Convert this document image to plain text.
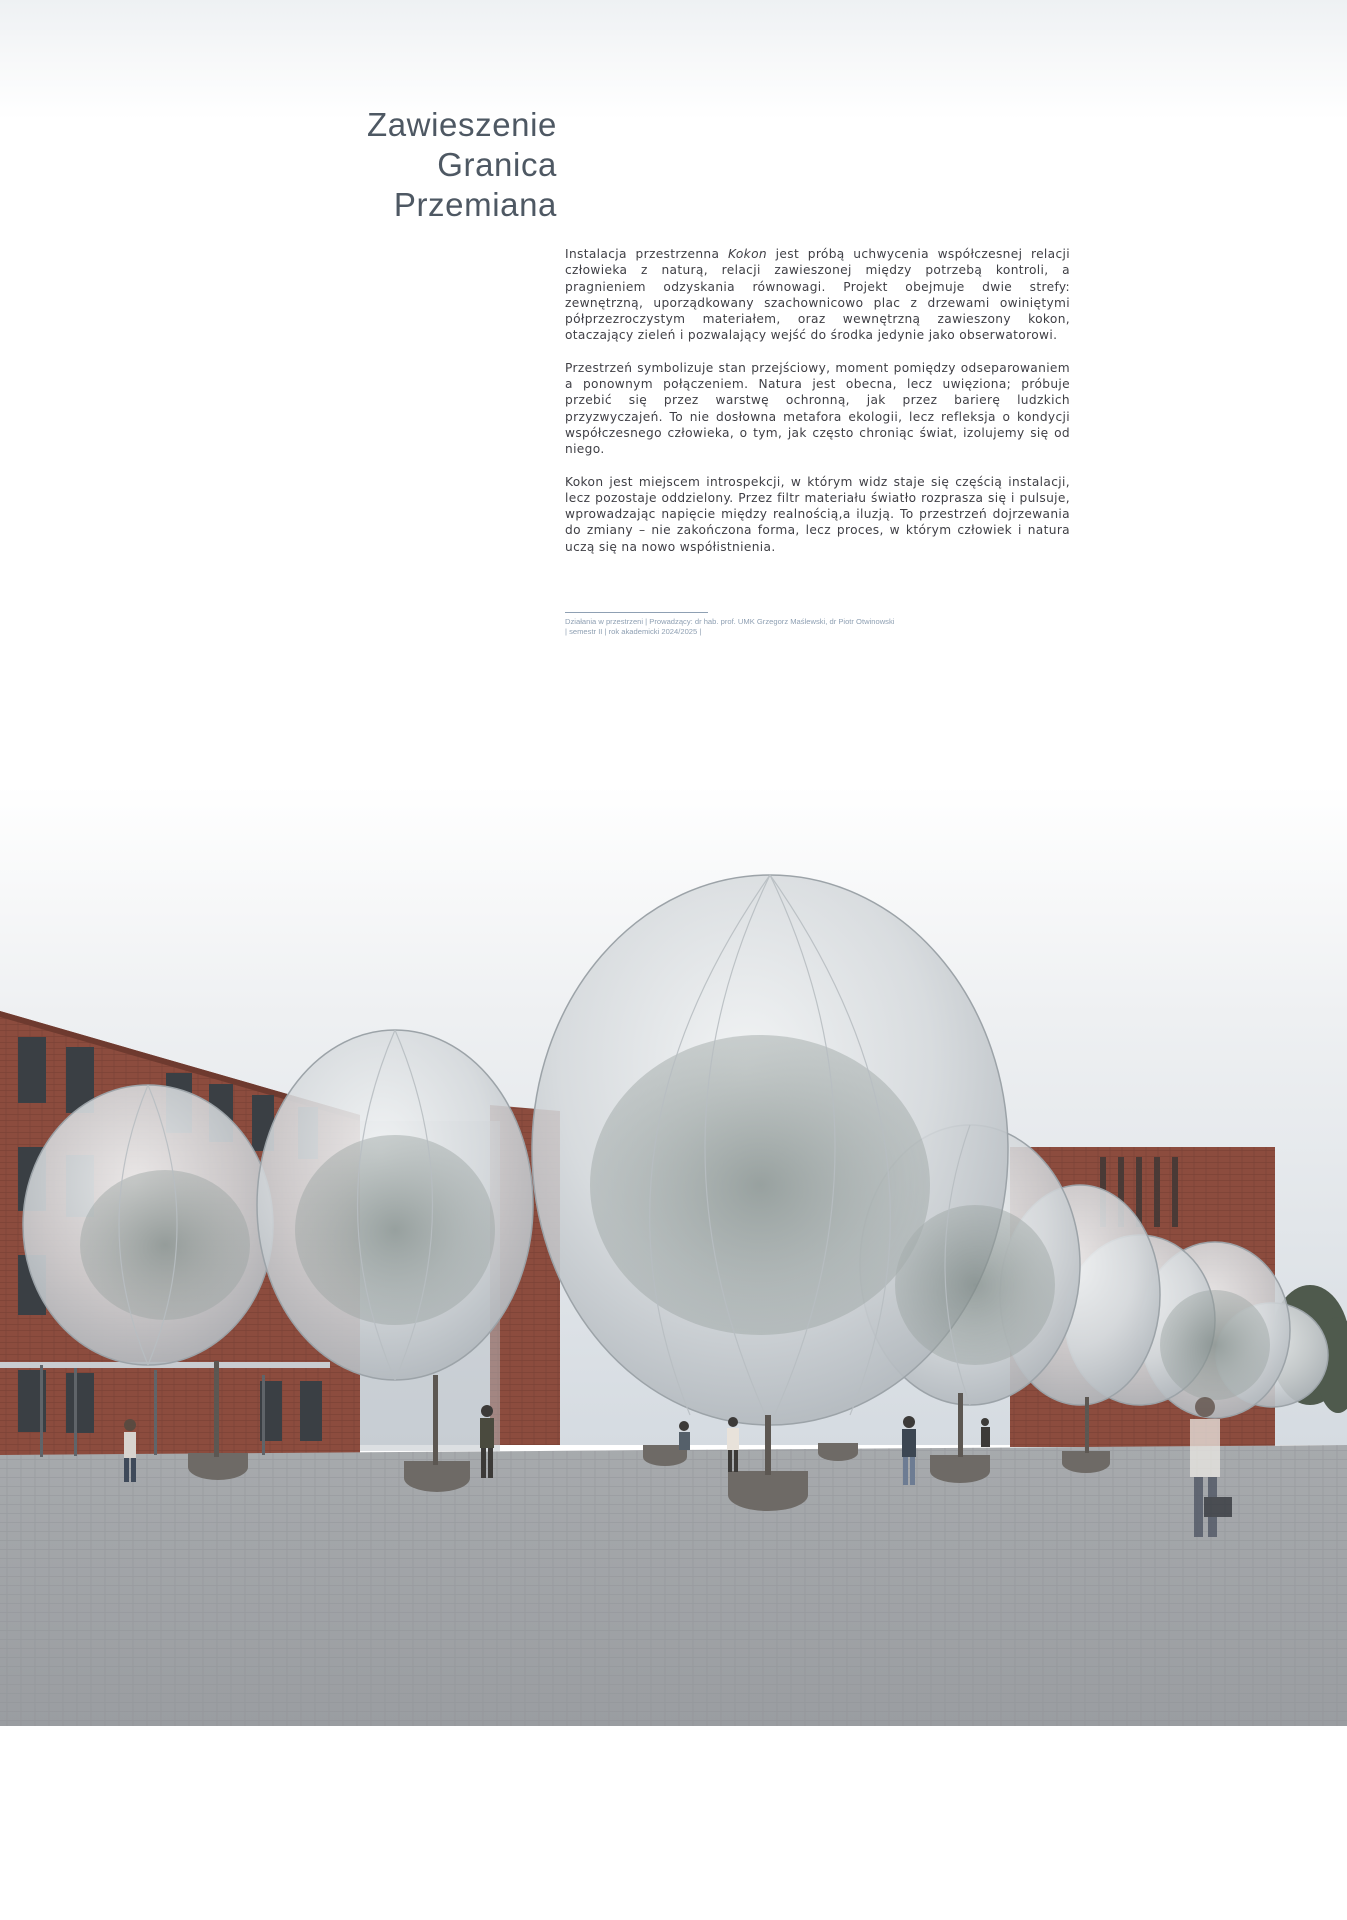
Zawieszenie
Granica
Przemiana

Instalacja przestrzenna Kokon jest próbą uchwycenia współczesnej relacji człowieka z naturą, relacji zawieszonej między potrzebą kontroli, a pragnieniem odzyskania równowagi. Projekt obejmuje dwie strefy: zewnętrzną, uporządkowany szachownicowo plac z drzewami owiniętymi półprzezroczystym materiałem, oraz wewnętrzną zawieszony kokon, otaczający zieleń i pozwalający wejść do środka jedynie jako obserwatorowi.

Przestrzeń symbolizuje stan przejściowy, moment pomiędzy odseparowaniem a ponownym połączeniem. Natura jest obecna, lecz uwięziona; próbuje przebić się przez warstwę ochronną, jak przez barierę ludzkich przyzwyczajeń. To nie dosłowna metafora ekologii, lecz refleksja o kondycji współczesnego człowieka, o tym, jak często chroniąc świat, izolujemy się od niego.

Kokon jest miejscem introspekcji, w którym widz staje się częścią instalacji, lecz pozostaje oddzielony. Przez filtr materiału światło rozprasza się i pulsuje, wprowadzając napięcie między realnością,a iluzją. To przestrzeń dojrzewania do zmiany – nie zakończona forma, lecz proces, w którym człowiek i natura uczą się na nowo współistnienia.

Działania w przestrzeni | Prowadzący: dr hab. prof. UMK Grzegorz Maślewski, dr Piotr Otwinowski
| semestr II | rok akademicki 2024/2025 |
